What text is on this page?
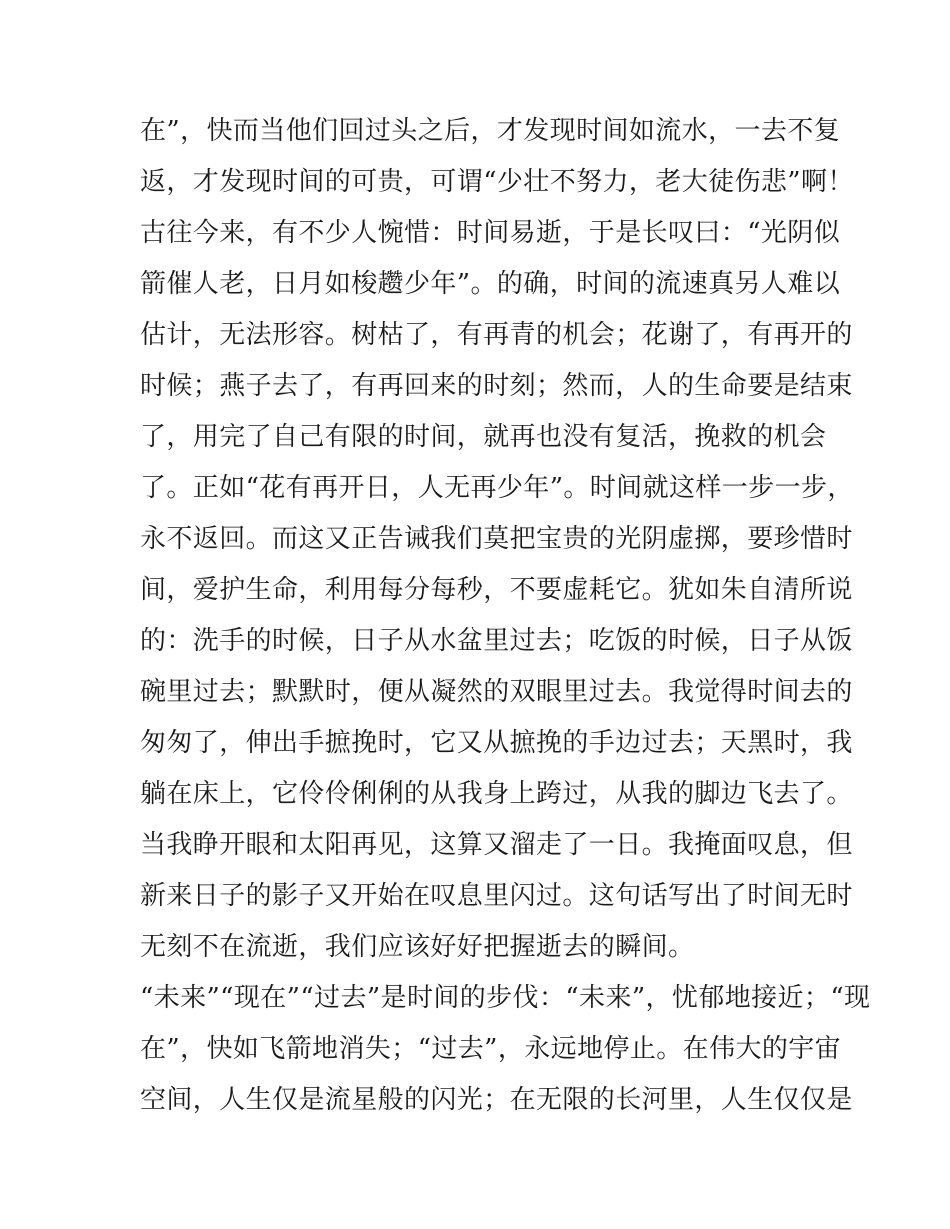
在”，快而当他们回过头之后，才发现时间如流水，一去不复
返，才发现时间的可贵，可谓“少壮不努力，老大徒伤悲”啊！
古往今来，有不少人惋惜：时间易逝，于是长叹曰：“光阴似
箭催人老，日月如梭趱少年”。的确，时间的流速真另人难以
估计，无法形容。树枯了，有再青的机会；花谢了，有再开的
时候；燕子去了，有再回来的时刻；然而，人的生命要是结束
了，用完了自己有限的时间，就再也没有复活，挽救的机会
了。正如“花有再开日，人无再少年”。时间就这样一步一步，
永不返回。而这又正告诫我们莫把宝贵的光阴虚掷，要珍惜时
间，爱护生命，利用每分每秒，不要虚耗它。犹如朱自清所说
的：洗手的时候，日子从水盆里过去；吃饭的时候，日子从饭
碗里过去；默默时，便从凝然的双眼里过去。我觉得时间去的
匆匆了，伸出手摭挽时，它又从摭挽的手边过去；天黑时，我
躺在床上，它伶伶俐俐的从我身上跨过，从我的脚边飞去了。
当我睁开眼和太阳再见，这算又溜走了一日。我掩面叹息，但
新来日子的影子又开始在叹息里闪过。这句话写出了时间无时
无刻不在流逝，我们应该好好把握逝去的瞬间。
“未来”“现在”“过去”是时间的步伐：“未来”，忧郁地接近；“现
在”，快如飞箭地消失；“过去”，永远地停止。在伟大的宇宙
空间，人生仅是流星般的闪光；在无限的长河里，人生仅仅是
